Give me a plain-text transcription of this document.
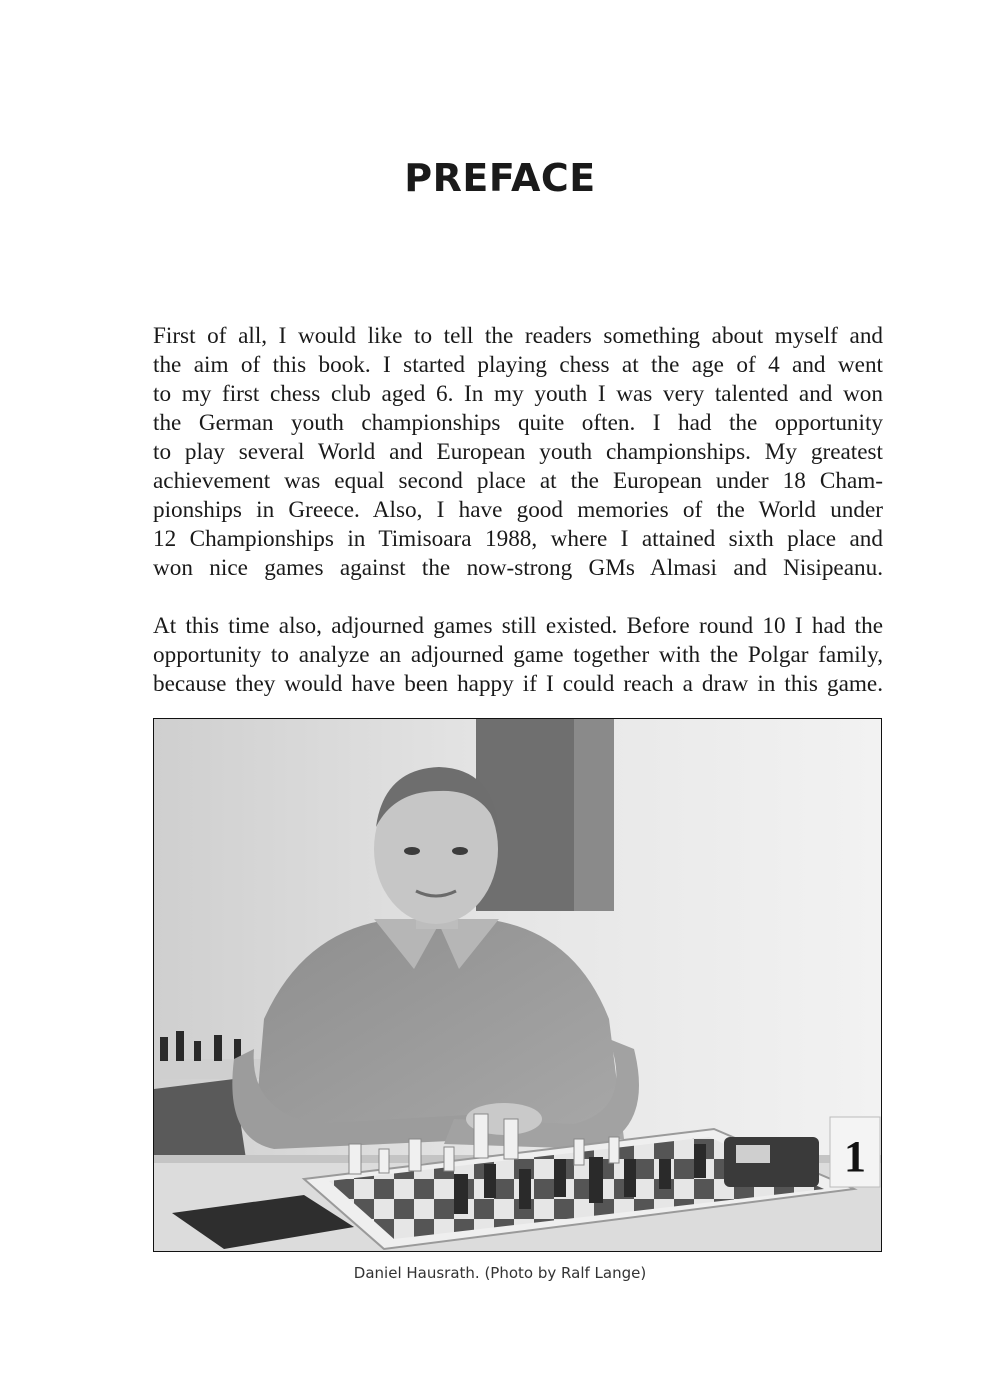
PREFACE

First of all, I would like to tell the readers something about myself and
the aim of this book. I started playing chess at the age of 4 and went
to my first chess club aged 6. In my youth I was very talented and won
the German youth championships quite often. I had the opportunity
to play several World and European youth championships. My greatest
achievement was equal second place at the European under 18 Cham-
pionships in Greece. Also, I have good memories of the World under
12 Championships in Timisoara 1988, where I attained sixth place and
won nice games against the now-strong GMs Almasi and Nisipeanu.

At this time also, adjourned games still existed. Before round 10 I had the
opportunity to analyze an adjourned game together with the Polgar family,
because they would have been happy if I could reach a draw in this game.

1

Daniel Hausrath. (Photo by Ralf Lange)
